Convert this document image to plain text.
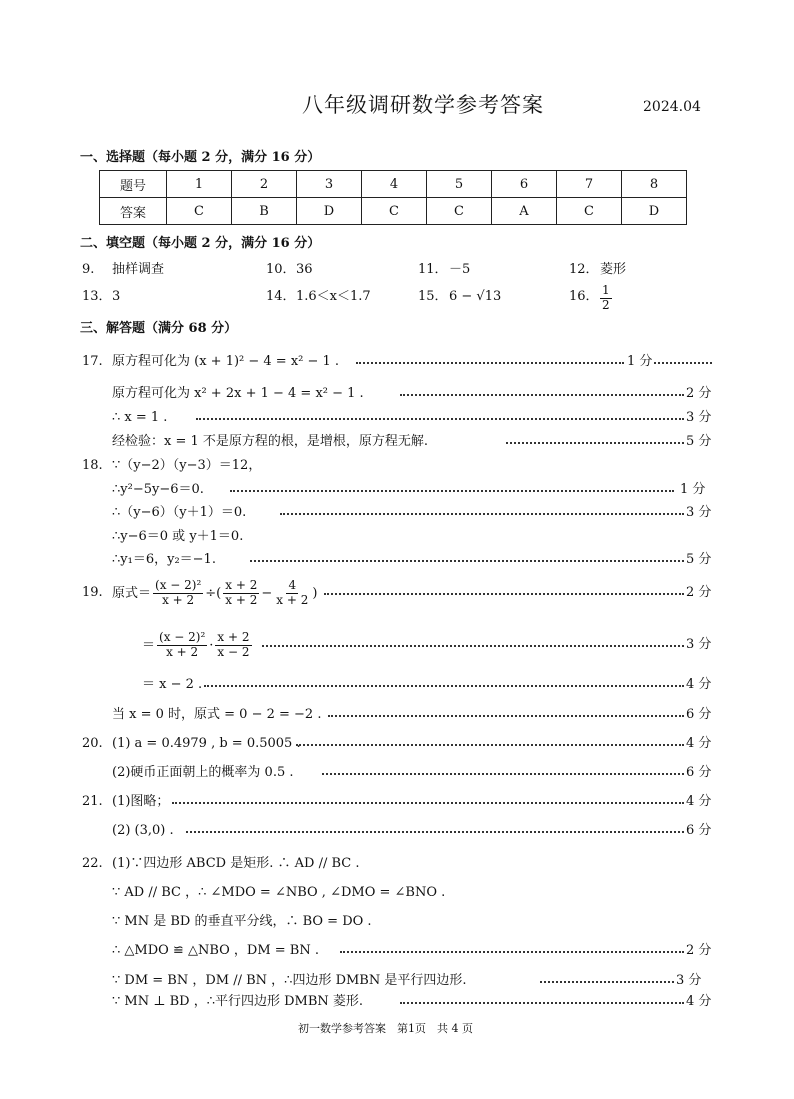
八年级调研数学参考答案	2024.04
一、选择题（每小题 2 分，满分 16 分）
题号	1	2	3	4	5	6	7	8
答案	C	B	D	C	C	A	C	D
二、填空题（每小题 2 分，满分 16 分）
9. 抽样调查	10． 36	11． －5	12． 菱形
13． 3	14． 1.6＜x＜1.7	15． 6 − √13	16． $\frac{1}{2}$
三、解答题（满分 68 分）
17. 原方程可化为 (x + 1)² − 4 = x² − 1 .	1 分
原方程可化为 x² + 2x + 1 − 4 = x² − 1 .	2 分
∴ x = 1 .	3 分
经检验：x = 1 不是原方程的根，是增根，原方程无解.	5 分
18. ∵（y−2）（y−3）＝12，
∴y²−5y−6＝0.	1 分
∴（y−6）（y＋1）＝0.	3 分
∴y−6＝0 或 y＋1＝0.
∴y₁＝6，y₂＝−1.	5 分
19. 原式＝ $\frac{\text{(x − 2)²}}{x + 2}$ ÷( $\frac{x + 2}{x + 2} - \frac{4}{x + 2}$ )	2 分
＝ $\frac{\text{(x − 2)²}}{x + 2} \cdot \frac{x + 2}{x - 2}$	3 分
＝ x − 2 .	4 分
当 x = 0 时，原式 = 0 − 2 = −2 .	6 分
20. (1) a = 0.4979 , b = 0.5005 .	4 分
(2)硬币正面朝上的概率为 0.5 .	6 分
21. (1)图略；	4 分
(2) (3,0) .	6 分
22. (1)∵四边形 ABCD 是矩形. ∴ AD // BC .
∵ AD // BC ，∴ ∠MDO = ∠NBO , ∠DMO = ∠BNO .
∵ MN 是 BD 的垂直平分线，∴ BO = DO .
∴ △MDO ≌ △NBO ，DM = BN .	2 分
∵ DM = BN ，DM // BN ，∴四边形 DMBN 是平行四边形.	3 分
∵ MN ⊥ BD ，∴平行四边形 DMBN 菱形.	4 分
初一数学参考答案　第1页　共 4 页
